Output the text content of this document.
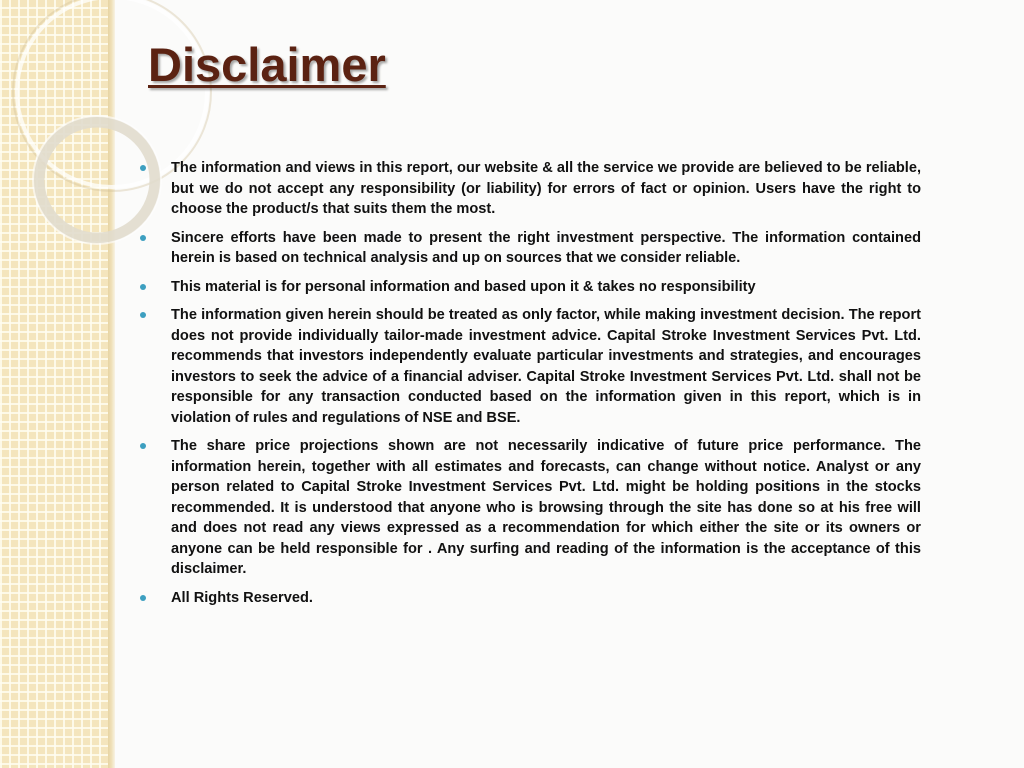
Disclaimer
The information and views in this report, our website & all the service we provide are believed to be reliable, but we do not accept any responsibility (or liability) for errors of fact or opinion. Users have the right to choose the product/s that suits them the most.
Sincere efforts have been made to present the right investment perspective. The information contained herein is based on technical analysis and up on sources that we consider reliable.
This material is for personal information and based upon it & takes no responsibility
The information given herein should be treated as only factor, while making investment decision. The report does not provide individually tailor-made investment advice. Capital Stroke Investment Services Pvt. Ltd. recommends that investors independently evaluate particular investments and strategies, and encourages investors to seek the advice of a financial adviser. Capital Stroke Investment Services Pvt. Ltd. shall not be responsible for any transaction conducted based on the information given in this report, which is in violation of rules and regulations of NSE and BSE.
The share price projections shown are not necessarily indicative of future price performance. The information herein, together with all estimates and forecasts, can change without notice. Analyst or any person related to Capital Stroke Investment Services Pvt. Ltd. might be holding positions in the stocks recommended. It is understood that anyone who is browsing through the site has done so at his free will and does not read any views expressed as a recommendation for which either the site or its owners or anyone can be held responsible for . Any surfing and reading of the information is the acceptance of this disclaimer.
All Rights Reserved.
